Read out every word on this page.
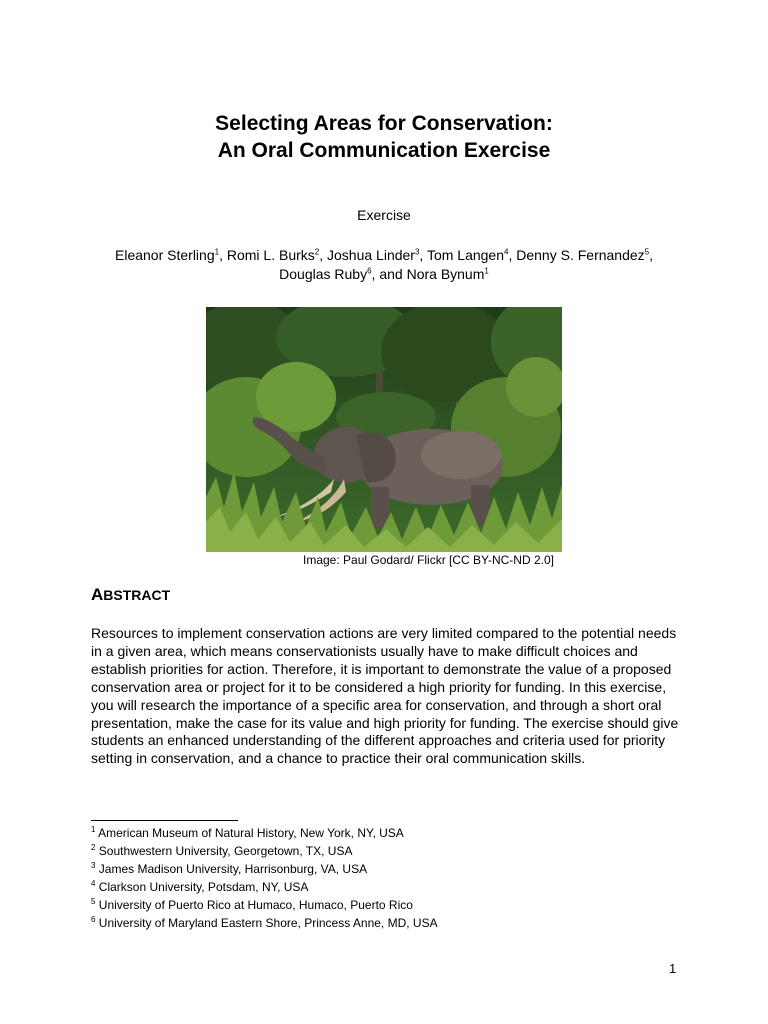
Selecting Areas for Conservation:
An Oral Communication Exercise
Exercise
Eleanor Sterling$^1$, Romi L. Burks$^2$, Joshua Linder$^3$, Tom Langen$^4$, Denny S. Fernandez$^5$,
Douglas Ruby$^6$, and Nora Bynum$^1$
Image: Paul Godard/ Flickr [CC BY-NC-ND 2.0]
ABSTRACT
Resources to implement conservation actions are very limited compared to the potential needs in a given area, which means conservationists usually have to make difficult choices and establish priorities for action. Therefore, it is important to demonstrate the value of a proposed conservation area or project for it to be considered a high priority for funding. In this exercise, you will research the importance of a specific area for conservation, and through a short oral presentation, make the case for its value and high priority for funding. The exercise should give students an enhanced understanding of the different approaches and criteria used for priority setting in conservation, and a chance to practice their oral communication skills.
$^1$ American Museum of Natural History, New York, NY, USA
$^2$ Southwestern University, Georgetown, TX, USA
$^3$ James Madison University, Harrisonburg, VA, USA
$^4$ Clarkson University, Potsdam, NY, USA
$^5$ University of Puerto Rico at Humaco, Humaco, Puerto Rico
$^6$ University of Maryland Eastern Shore, Princess Anne, MD, USA
1
